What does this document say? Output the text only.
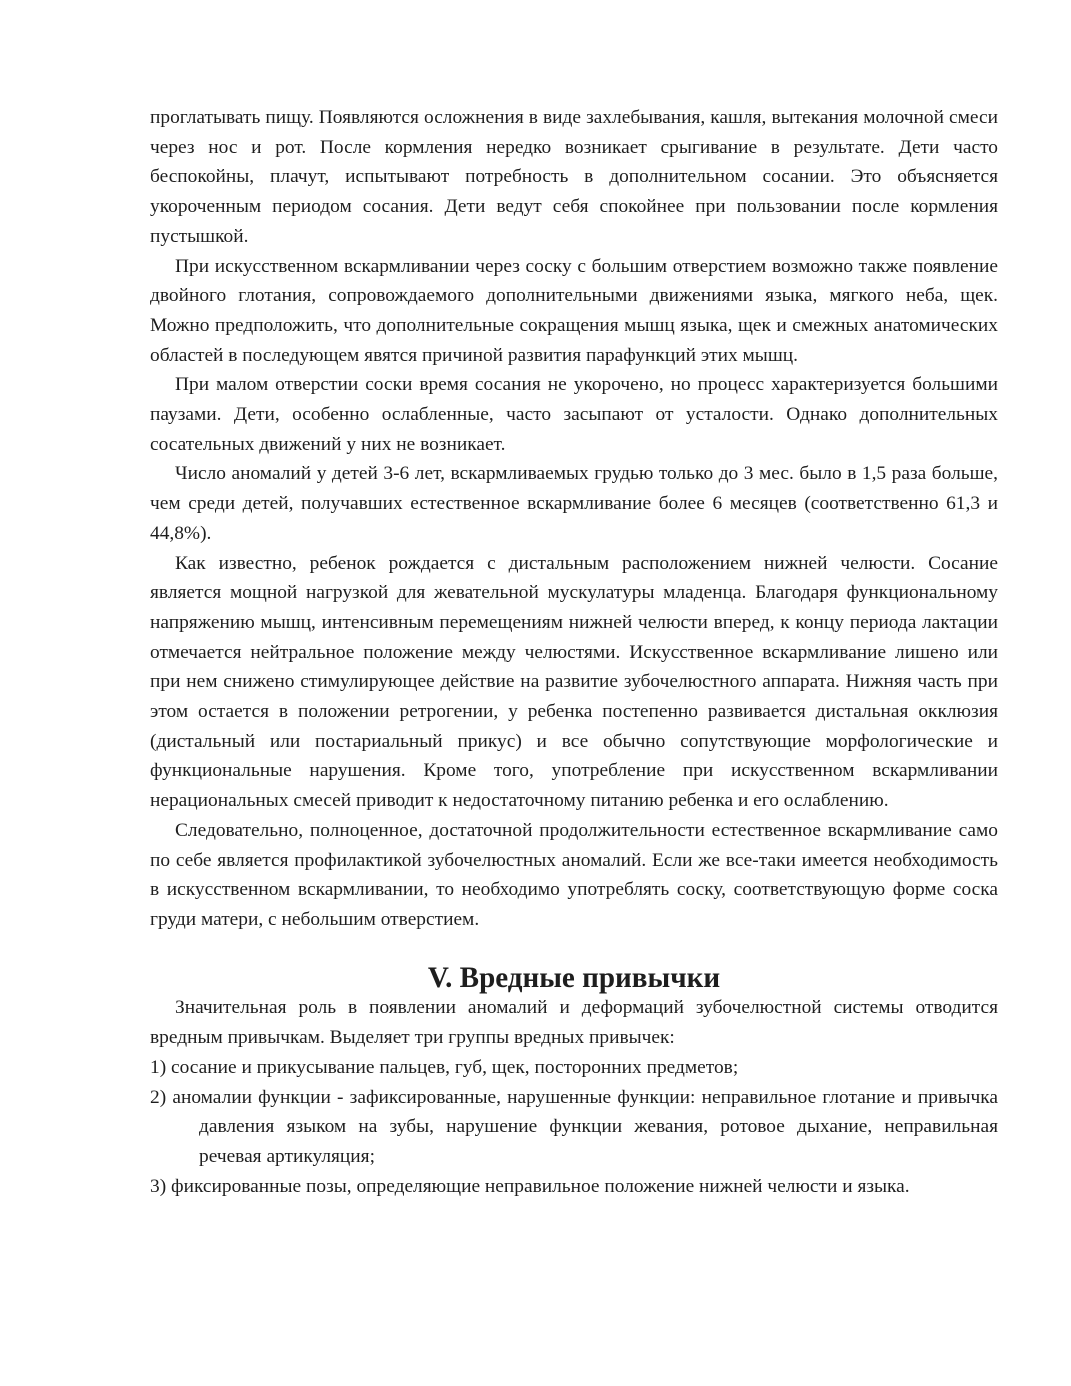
проглатывать пищу. Появляются осложнения в виде захлебывания, кашля, вытекания молочной смеси через нос и рот. После кормления нередко возникает срыгивание в результате. Дети часто беспокойны, плачут, испытывают потребность в дополнительном сосании. Это объясняется укороченным периодом сосания. Дети ведут себя спокойнее при пользовании после кормления пустышкой.

При искусственном вскармливании через соску с большим отверстием возможно также появление двойного глотания, сопровождаемого дополнительными движениями языка, мягкого неба, щек. Можно предположить, что дополнительные сокращения мышц языка, щек и смежных анатомических областей в последующем явятся причиной развития парафункций этих мышц.

При малом отверстии соски время сосания не укорочено, но процесс характеризуется большими паузами. Дети, особенно ослабленные, часто засыпают от усталости. Однако дополнительных сосательных движений у них не возникает.

Число аномалий у детей 3-6 лет, вскармливаемых грудью только до 3 мес. было в 1,5 раза больше, чем среди детей, получавших естественное вскармливание более 6 месяцев (соответственно 61,3 и 44,8%).

Как известно, ребенок рождается с дистальным расположением нижней челюсти. Сосание является мощной нагрузкой для жевательной мускулатуры младенца. Благодаря функциональному напряжению мышц, интенсивным перемещениям нижней челюсти вперед, к концу периода лактации отмечается нейтральное положение между челюстями. Искусственное вскармливание лишено или при нем снижено стимулирующее действие на развитие зубочелюстного аппарата. Нижняя часть при этом остается в положении ретрогении, у ребенка постепенно развивается дистальная окклюзия (дистальный или постариальный прикус) и все обычно сопутствующие морфологические и функциональные нарушения. Кроме того, употребление при искусственном вскармливании нерациональных смесей приводит к недостаточному питанию ребенка и его ослаблению.

Следовательно, полноценное, достаточной продолжительности естественное вскармливание само по себе является профилактикой зубочелюстных аномалий. Если же все-таки имеется необходимость в искусственном вскармливании, то необходимо употреблять соску, соответствующую форме соска груди матери, с небольшим отверстием.

V. Вредные привычки

Значительная роль в появлении аномалий и деформаций зубочелюстной системы отводится вредным привычкам. Выделяет три группы вредных привычек:

1) сосание и прикусывание пальцев, губ, щек, посторонних предметов;
2) аномалии функции - зафиксированные, нарушенные функции: неправильное глотание и привычка давления языком на зубы, нарушение функции жевания, ротовое дыхание, неправильная речевая артикуляция;
3) фиксированные позы, определяющие неправильное положение нижней челюсти и языка.
